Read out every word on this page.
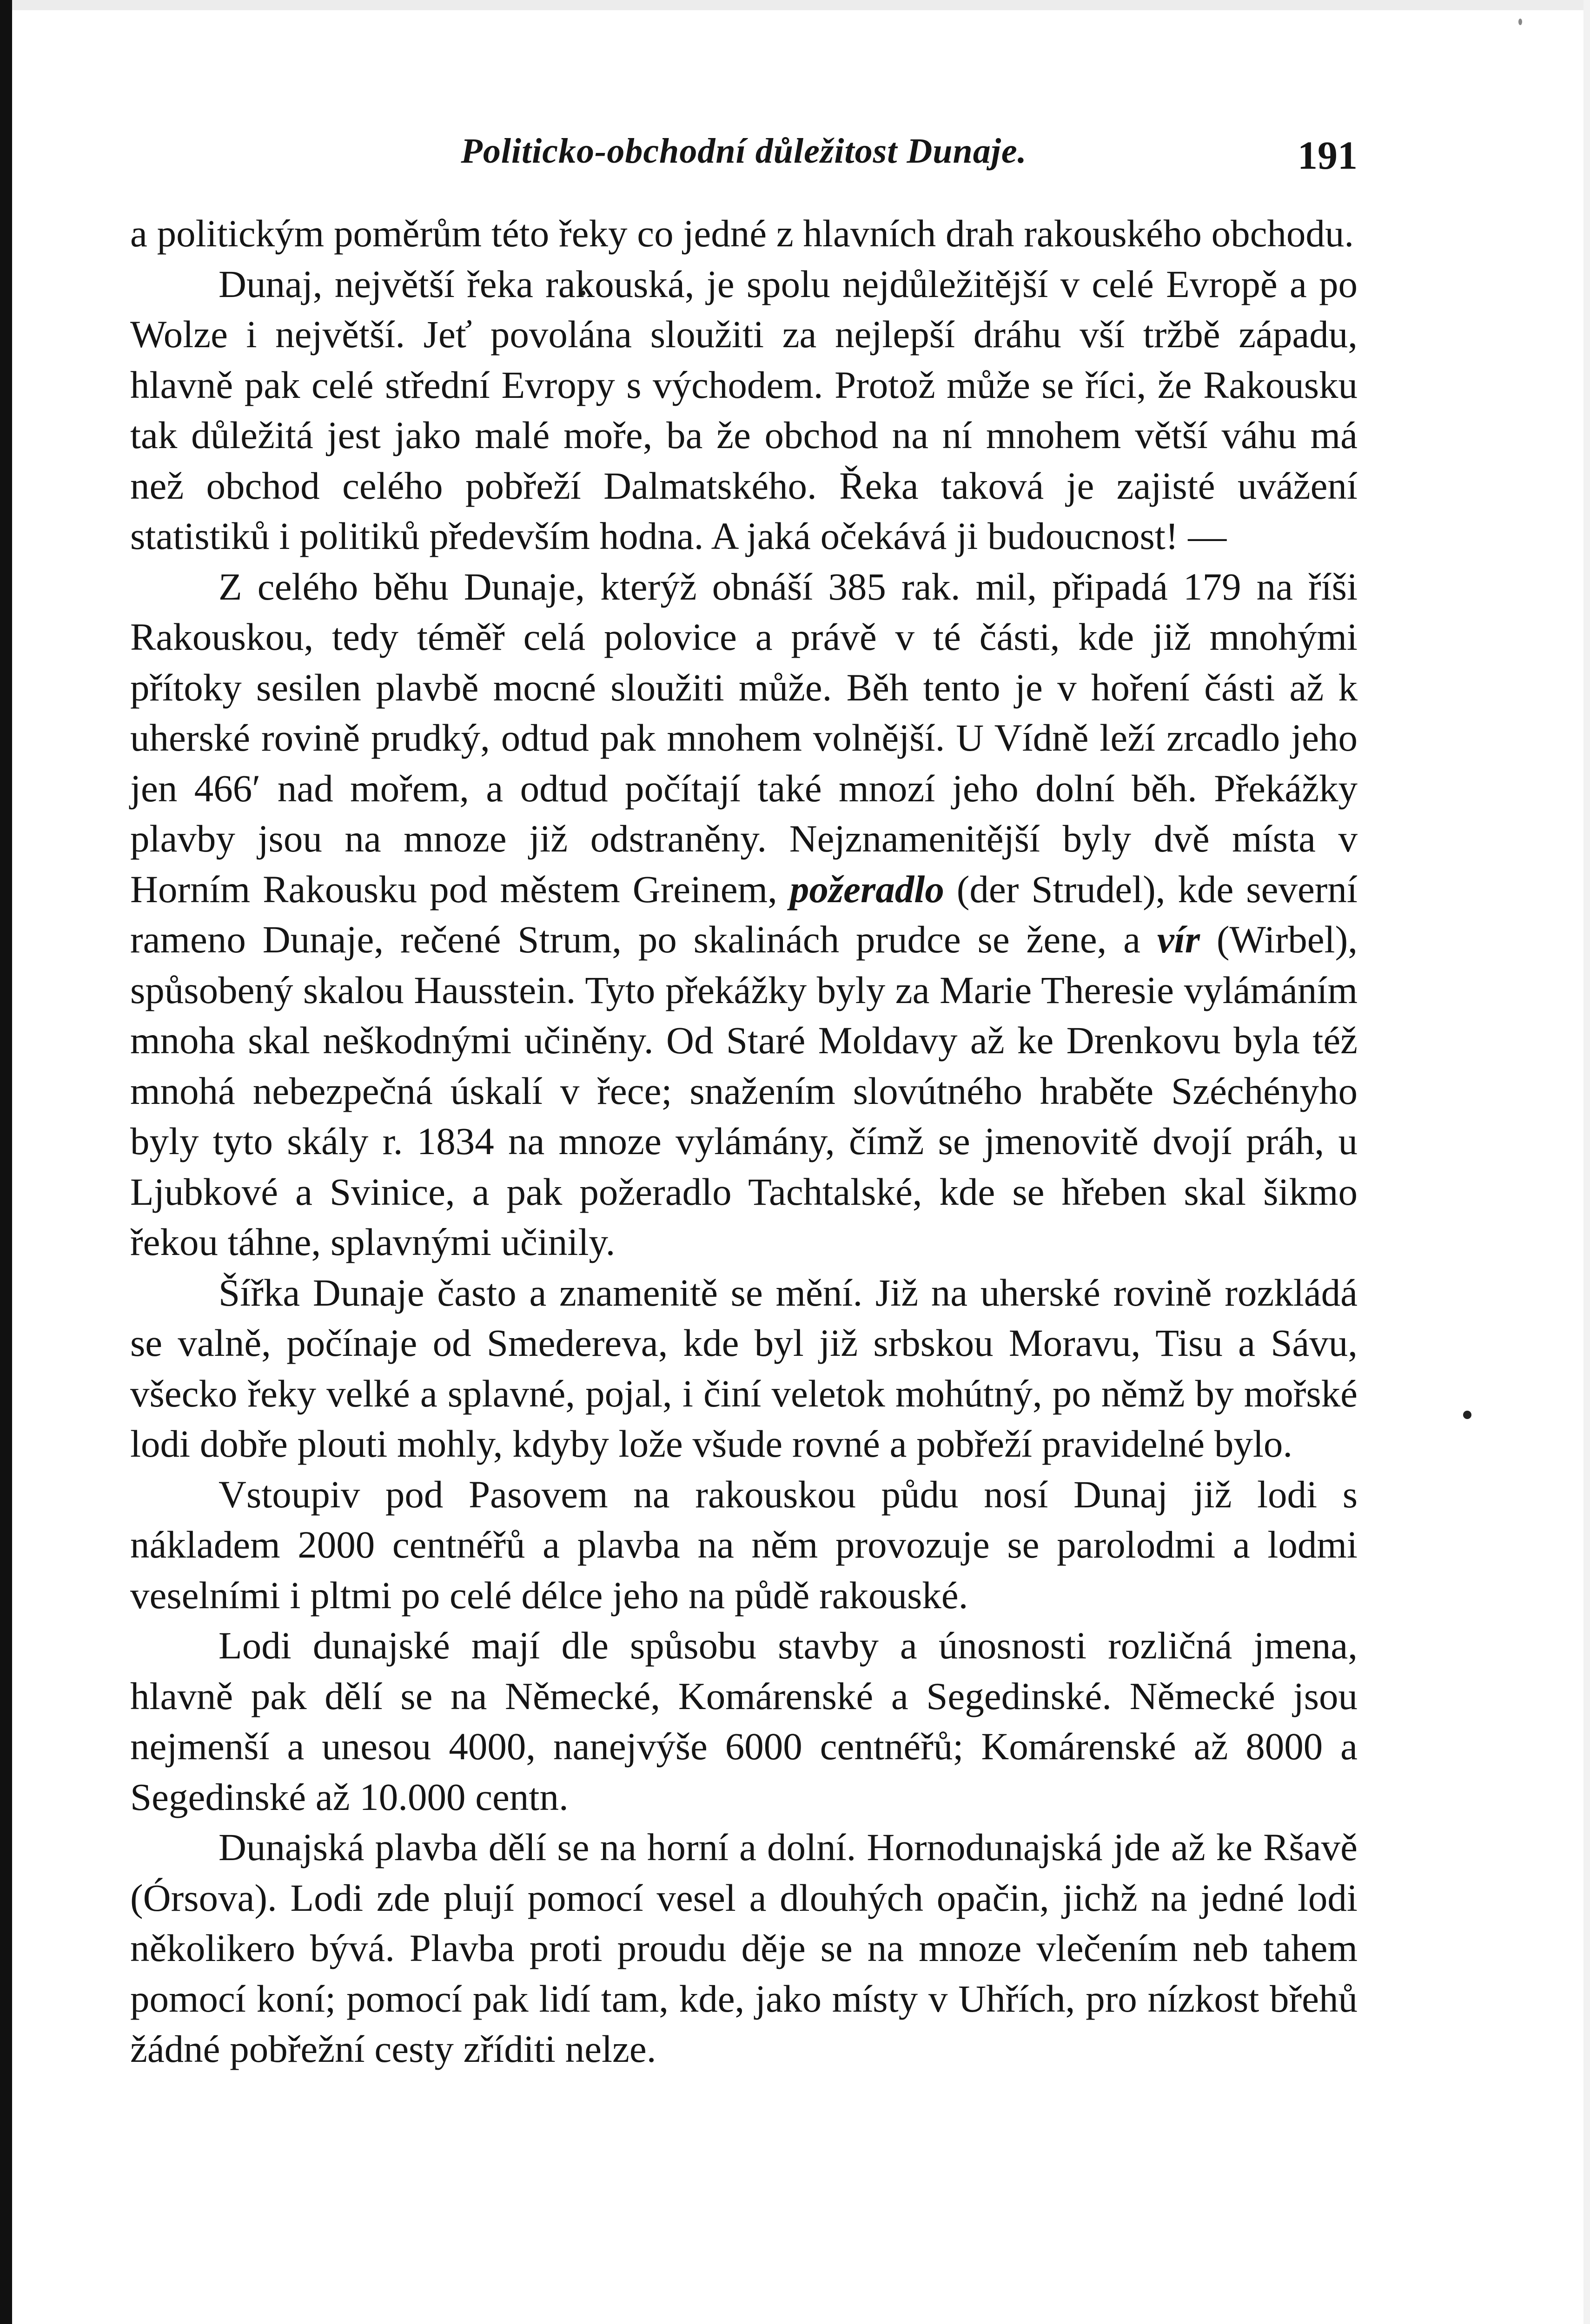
Politicko-obchodní důležitost Dunaje.	191

a politickým poměrům této řeky co jedné z hlavních drah rakouského obchodu.

Dunaj, největší řeka rakouská, je spolu nejdůležitější v celé Evropě a po Wolze i největší. Jeť povolána sloužiti za nejlepší dráhu vší tržbě západu, hlavně pak celé střední Evropy s východem. Protož může se říci, že Rakousku tak důležitá jest jako malé moře, ba že obchod na ní mnohem větší váhu má než obchod celého pobřeží Dalmatského. Řeka taková je zajisté uvážení statistiků i politiků především hodna. A jaká očekává ji budoucnost! —

Z celého běhu Dunaje, kterýž obnáší 385 rak. mil, připadá 179 na říši Rakouskou, tedy téměř celá polovice a právě v té části, kde již mnohými přítoky sesilen plavbě mocné sloužiti může. Běh tento je v hoření části až k uherské rovině prudký, odtud pak mnohem volnější. U Vídně leží zrcadlo jeho jen 466′ nad mořem, a odtud počítají také mnozí jeho dolní běh. Překážky plavby jsou na mnoze již odstraněny. Nejznamenitější byly dvě místa v Horním Rakousku pod městem Greinem, požeradlo (der Strudel), kde severní rameno Dunaje, rečené Strum, po skalinách prudce se žene, a vír (Wirbel), spůsobený skalou Hausstein. Tyto překážky byly za Marie Theresie vylámáním mnoha skal neškodnými učiněny. Od Staré Moldavy až ke Drenkovu byla též mnohá nebezpečná úskalí v řece; snažením slovútného hraběte Széchényho byly tyto skály r. 1834 na mnoze vylámány, čímž se jmenovitě dvojí práh, u Ljubkové a Svinice, a pak požeradlo Tachtalské, kde se hřeben skal šikmo řekou táhne, splavnými učinily.

Šířka Dunaje často a znamenitě se mění. Již na uherské rovině rozkládá se valně, počínaje od Smedereva, kde byl již srbskou Moravu, Tisu a Sávu, všecko řeky velké a splavné, pojal, i činí veletok mohútný, po němž by mořské lodi dobře plouti mohly, kdyby lože všude rovné a pobřeží pravidelné bylo.

Vstoupiv pod Pasovem na rakouskou půdu nosí Dunaj již lodi s nákladem 2000 centnéřů a plavba na něm provozuje se parolodmi a lodmi veselními i pltmi po celé délce jeho na půdě rakouské.

Lodi dunajské mají dle spůsobu stavby a únosnosti rozličná jmena, hlavně pak dělí se na Německé, Komárenské a Segedinské. Německé jsou nejmenší a unesou 4000, nanejvýše 6000 centnéřů; Komárenské až 8000 a Segedinské až 10.000 centn.

Dunajská plavba dělí se na horní a dolní. Hornodunajská jde až ke Ršavě (Órsova). Lodi zde plují pomocí vesel a dlouhých opačin, jichž na jedné lodi několikero bývá. Plavba proti proudu děje se na mnoze vlečením neb tahem pomocí koní; pomocí pak lidí tam, kde, jako místy v Uhřích, pro nízkost břehů žádné pobřežní cesty zříditi nelze.
